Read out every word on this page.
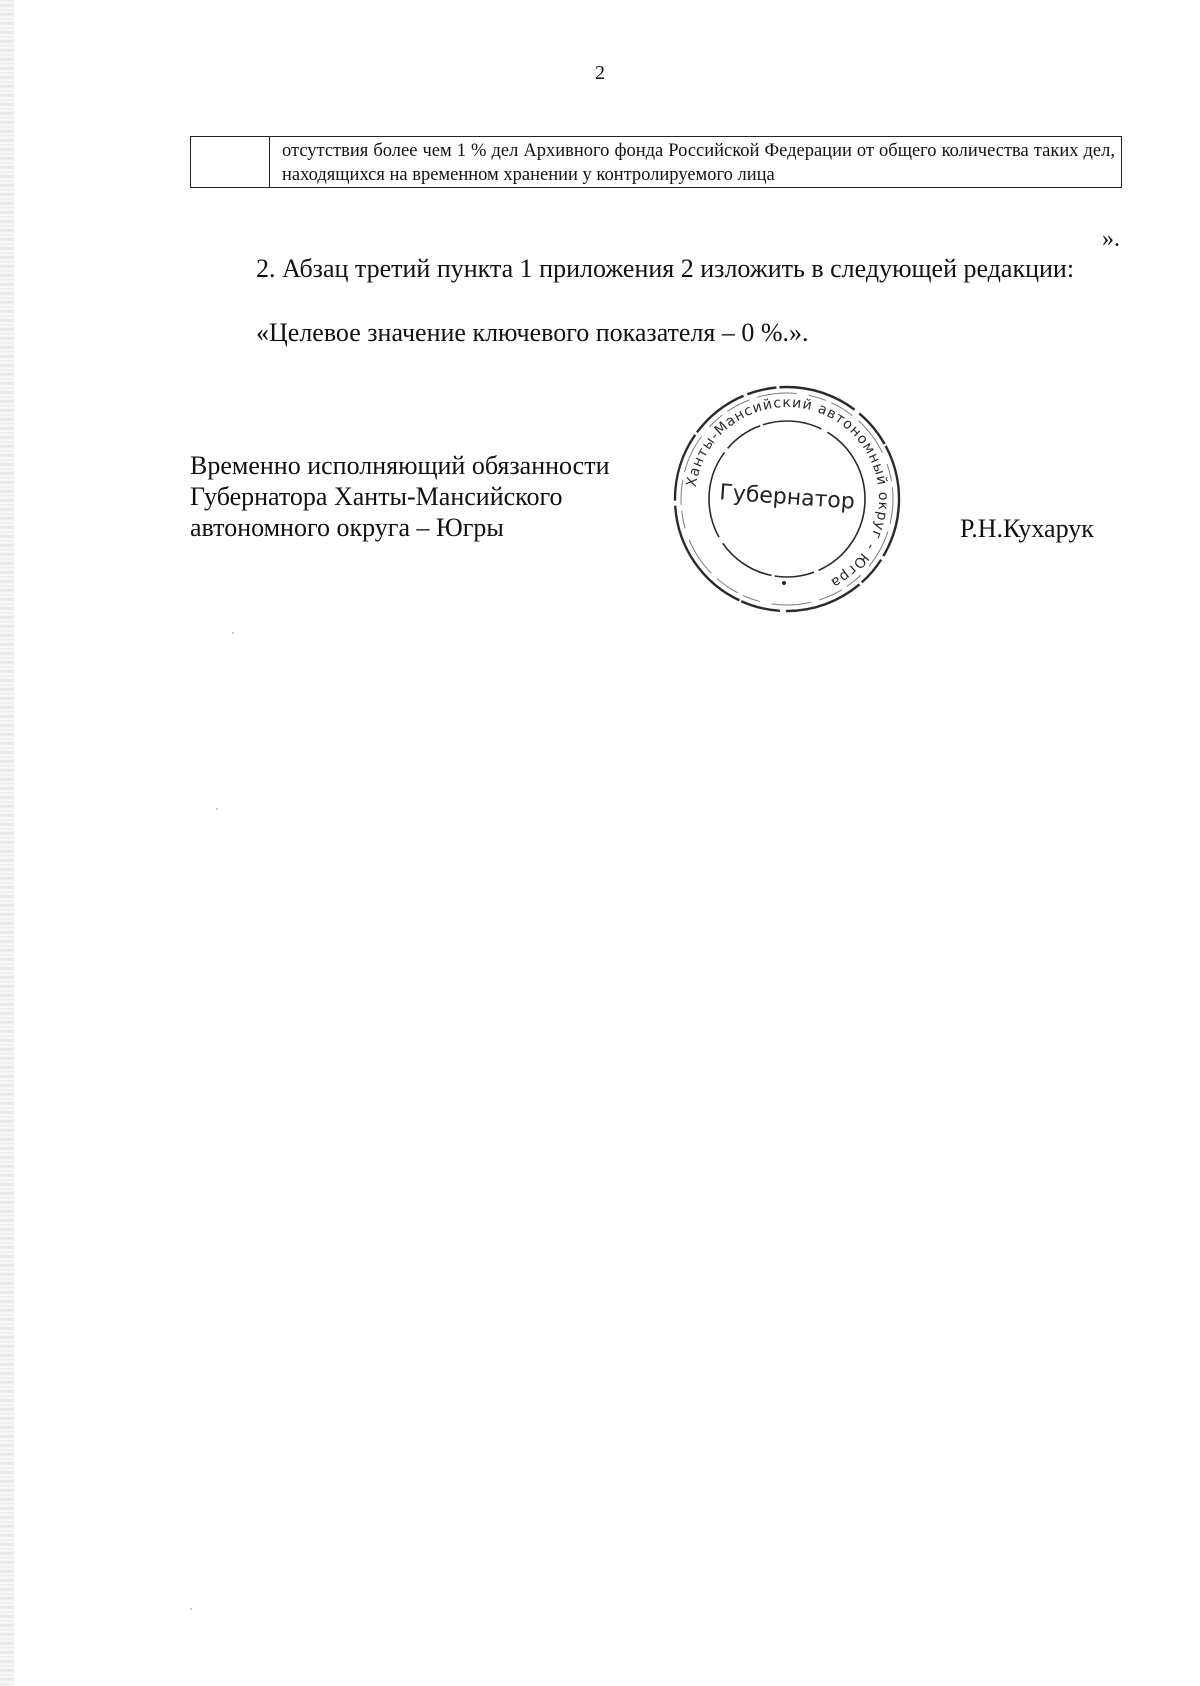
2
	отсутствия более чем 1 % дел Архивного фонда Российской Федерации от общего количества таких дел, находящихся на временном хранении у контролируемого лица
».
2. Абзац третий пункта 1 приложения 2 изложить в следующей редакции:
«Целевое значение ключевого показателя – 0 %.».
Временно исполняющий обязанности
Губернатора Ханты-Мансийского
автономного округа – Югры
Ханты-Мансийский автономный округ - Югра
Губернатор
Р.Н.Кухарук
